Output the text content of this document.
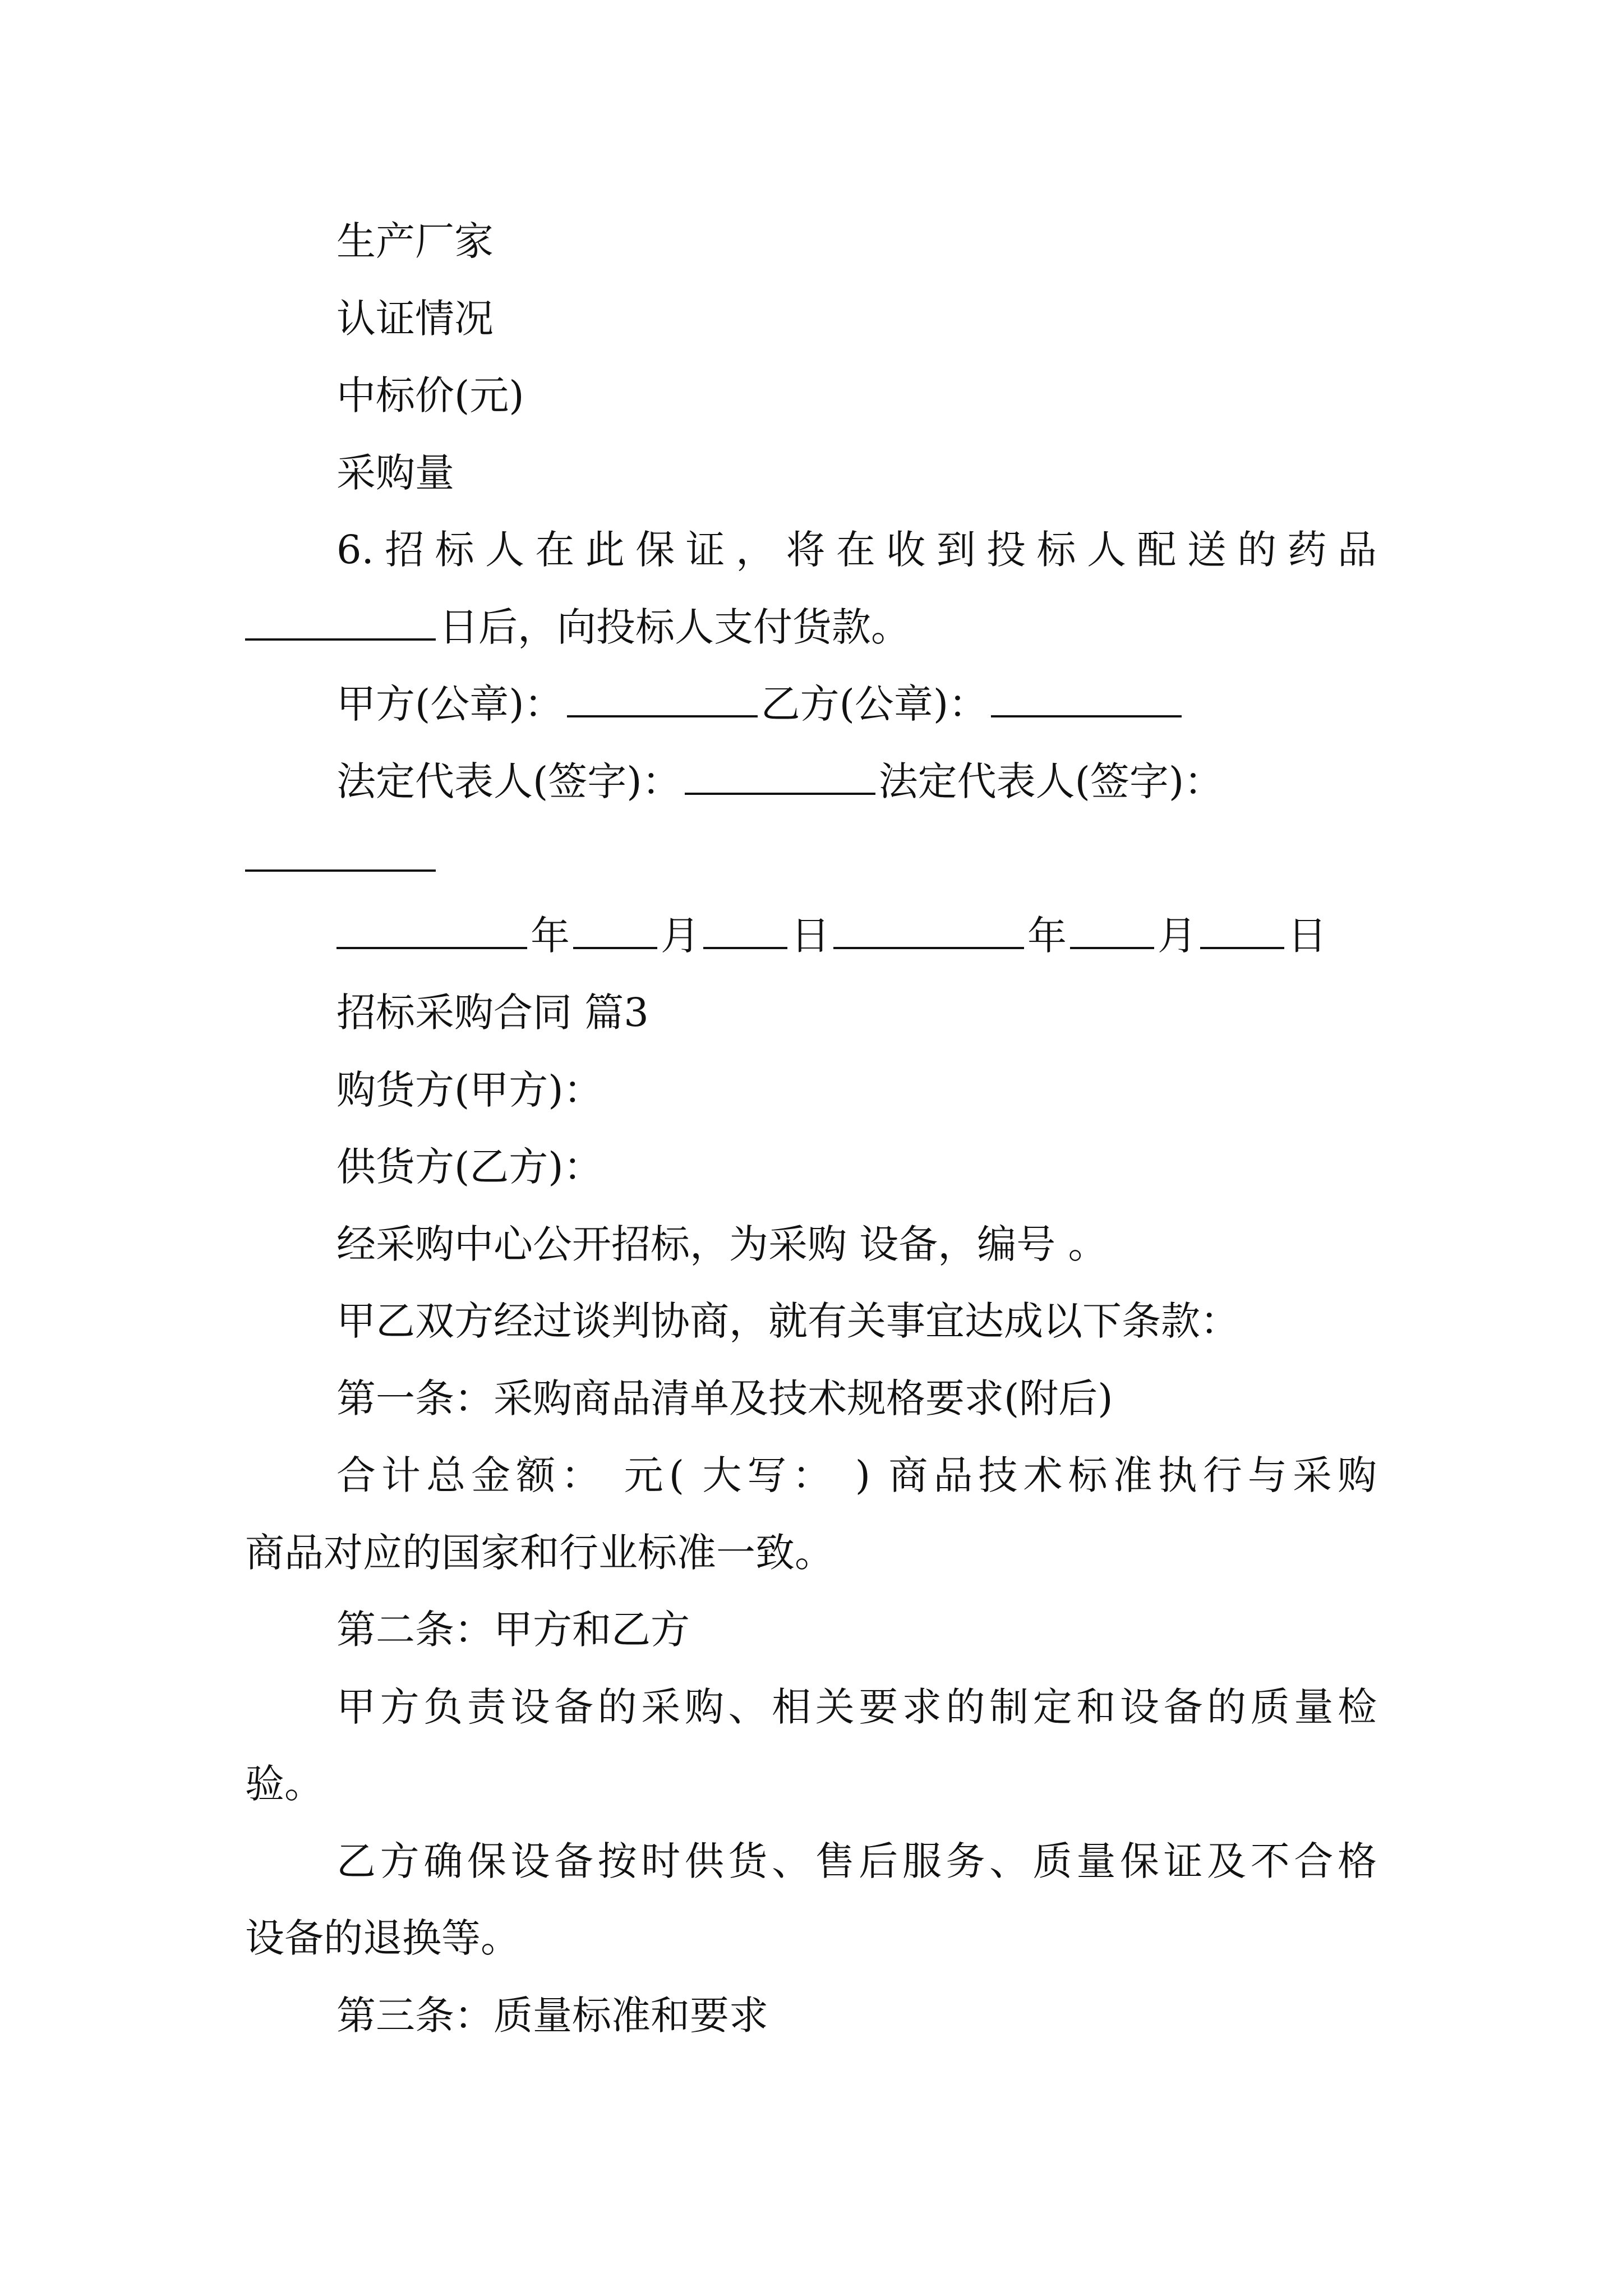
生产厂家
认证情况
中标价(元)
采购量
6.招标人在此保证，将在收到投标人配送的药品
日后，向投标人支付货款。
甲方(公章)：	乙方(公章)：
法定代表人(签字)：	法定代表人(签字)：
年 月 日	年 月 日
招标采购合同 篇3
购货方(甲方)：
供货方(乙方)：
经采购中心公开招标，为采购 设备，编号 。
甲乙双方经过谈判协商，就有关事宜达成以下条款：
第一条：采购商品清单及技术规格要求(附后)
合计总金额： 元( 大写： ) 商品技术标准执行与采购
商品对应的国家和行业标准一致。
第二条：甲方和乙方
甲方负责设备的采购、相关要求的制定和设备的质量检
验。
乙方确保设备按时供货、售后服务、质量保证及不合格
设备的退换等。
第三条：质量标准和要求
